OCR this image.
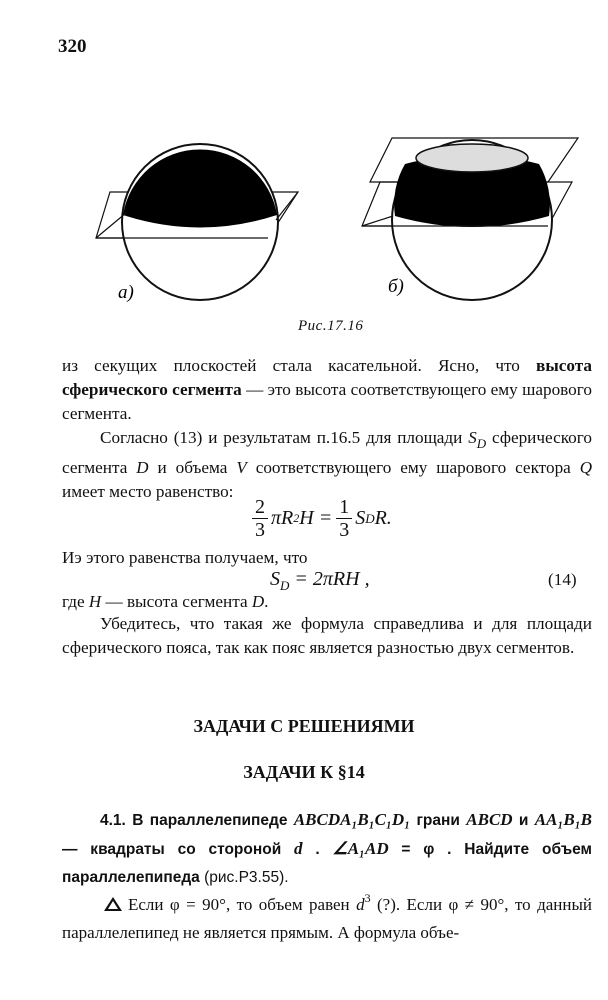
320
а)	б)
Рис.17.16
из секущих плоскостей стала касательной. Ясно, что высота сферического сегмента — это высота соответствующего ему шарового сегмента.
Согласно (13) и результатам п.16.5 для площади $S_D$ сферического сегмента D и объема V соответствующего ему шарового сектора Q имеет место равенство:
$\frac{2}{3}$ πR 2 $H = \frac{1}{3}$ S D R.
Иэ этого равенства получаем, что
$S_D = 2\pi RH$ ,	(14)
где H — высота сегмента D.
Убедитесь, что такая же формула справедлива и для площади сферического пояса, так как пояс является разностью двух сегментов.
ЗАДАЧИ С РЕШЕНИЯМИ
ЗАДАЧИ К §14
4.1. В параллелепипеде ABCDA₁B₁C₁D₁ грани ABCD и AA₁B₁B — квадраты со стороной d . ∠A₁AD = φ . Найдите объем параллелепипеда (рис.Р3.55).
Если φ = 90°, то объем равен $d^3$ (?). Если φ ≠ 90°, то данный параллелепипед не является прямым. А формула объе-
